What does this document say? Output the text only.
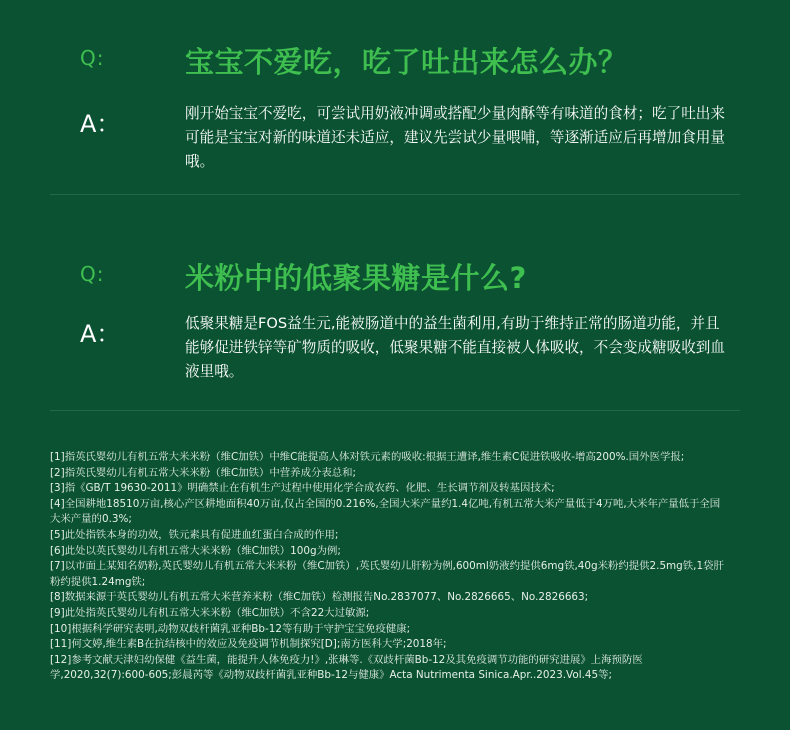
Q:	宝宝不爱吃，吃了吐出来怎么办？
A：	刚开始宝宝不爱吃，可尝试用奶液冲调或搭配少量肉酥等有味道的食材；吃了吐出来可能是宝宝对新的味道还未适应，建议先尝试少量喂哺，等逐渐适应后再增加食用量哦。
Q:	米粉中的低聚果糖是什么?
A：	低聚果糖是FOS益生元,能被肠道中的益生菌利用,有助于维持正常的肠道功能，并且能够促进铁锌等矿物质的吸收，低聚果糖不能直接被人体吸收，不会变成糖吸收到血液里哦。

[1]指英氏婴幼儿有机五常大米米粉（维C加铁）中维C能提高人体对铁元素的吸收:根据王遭译,维生素C促进铁吸收-增高200%.国外医学报;

[2]指英氏婴幼儿有机五常大米米粉（维C加铁）中营养成分表总和;

[3]指《GB/T 19630-2011》明确禁止在有机生产过程中使用化学合成农药、化肥、生长调节剂及转基因技术;

[4]全国耕地18510万亩,核心产区耕地面积40万亩,仅占全国的0.216%,全国大米产量约1.4亿吨,有机五常大米产量低于4万吨,大米年产量低于全国大米产量的0.3%;

[5]此处指铁本身的功效，铁元素具有促进血红蛋白合成的作用;

[6]此处以英氏婴幼儿有机五常大米米粉（维C加铁）100g为例;

[7]以市面上某知名奶粉,英氏婴幼儿有机五常大米米粉（维C加铁）,英氏婴幼儿肝粉为例,600ml奶液约提供6mg铁,40g米粉约提供2.5mg铁,1袋肝粉约提供1.24mg铁;

[8]数据来源于英氏婴幼儿有机五常大米营养米粉（维C加铁）检测报告No.2837077、No.2826665、No.2826663;

[9]此处指英氏婴幼儿有机五常大米米粉（维C加铁）不含22大过敏源;

[10]根据科学研究表明,动物双歧杆菌乳亚种Bb-12等有助于守护宝宝免疫健康;

[11]何文婷,维生素B在抗结核中的效应及免疫调节机制探究[D];南方医科大学;2018年;

[12]参考文献天津妇幼保健《益生菌，能提升人体免疫力!》,张琳等.《双歧杆菌Bb-12及其免疫调节功能的研究进展》上海预防医学,2020,32(7):600-605;彭晨芮等《动物双歧杆菌乳亚种Bb-12与健康》Acta Nutrimenta Sinica.Apr..2023.Vol.45等;
